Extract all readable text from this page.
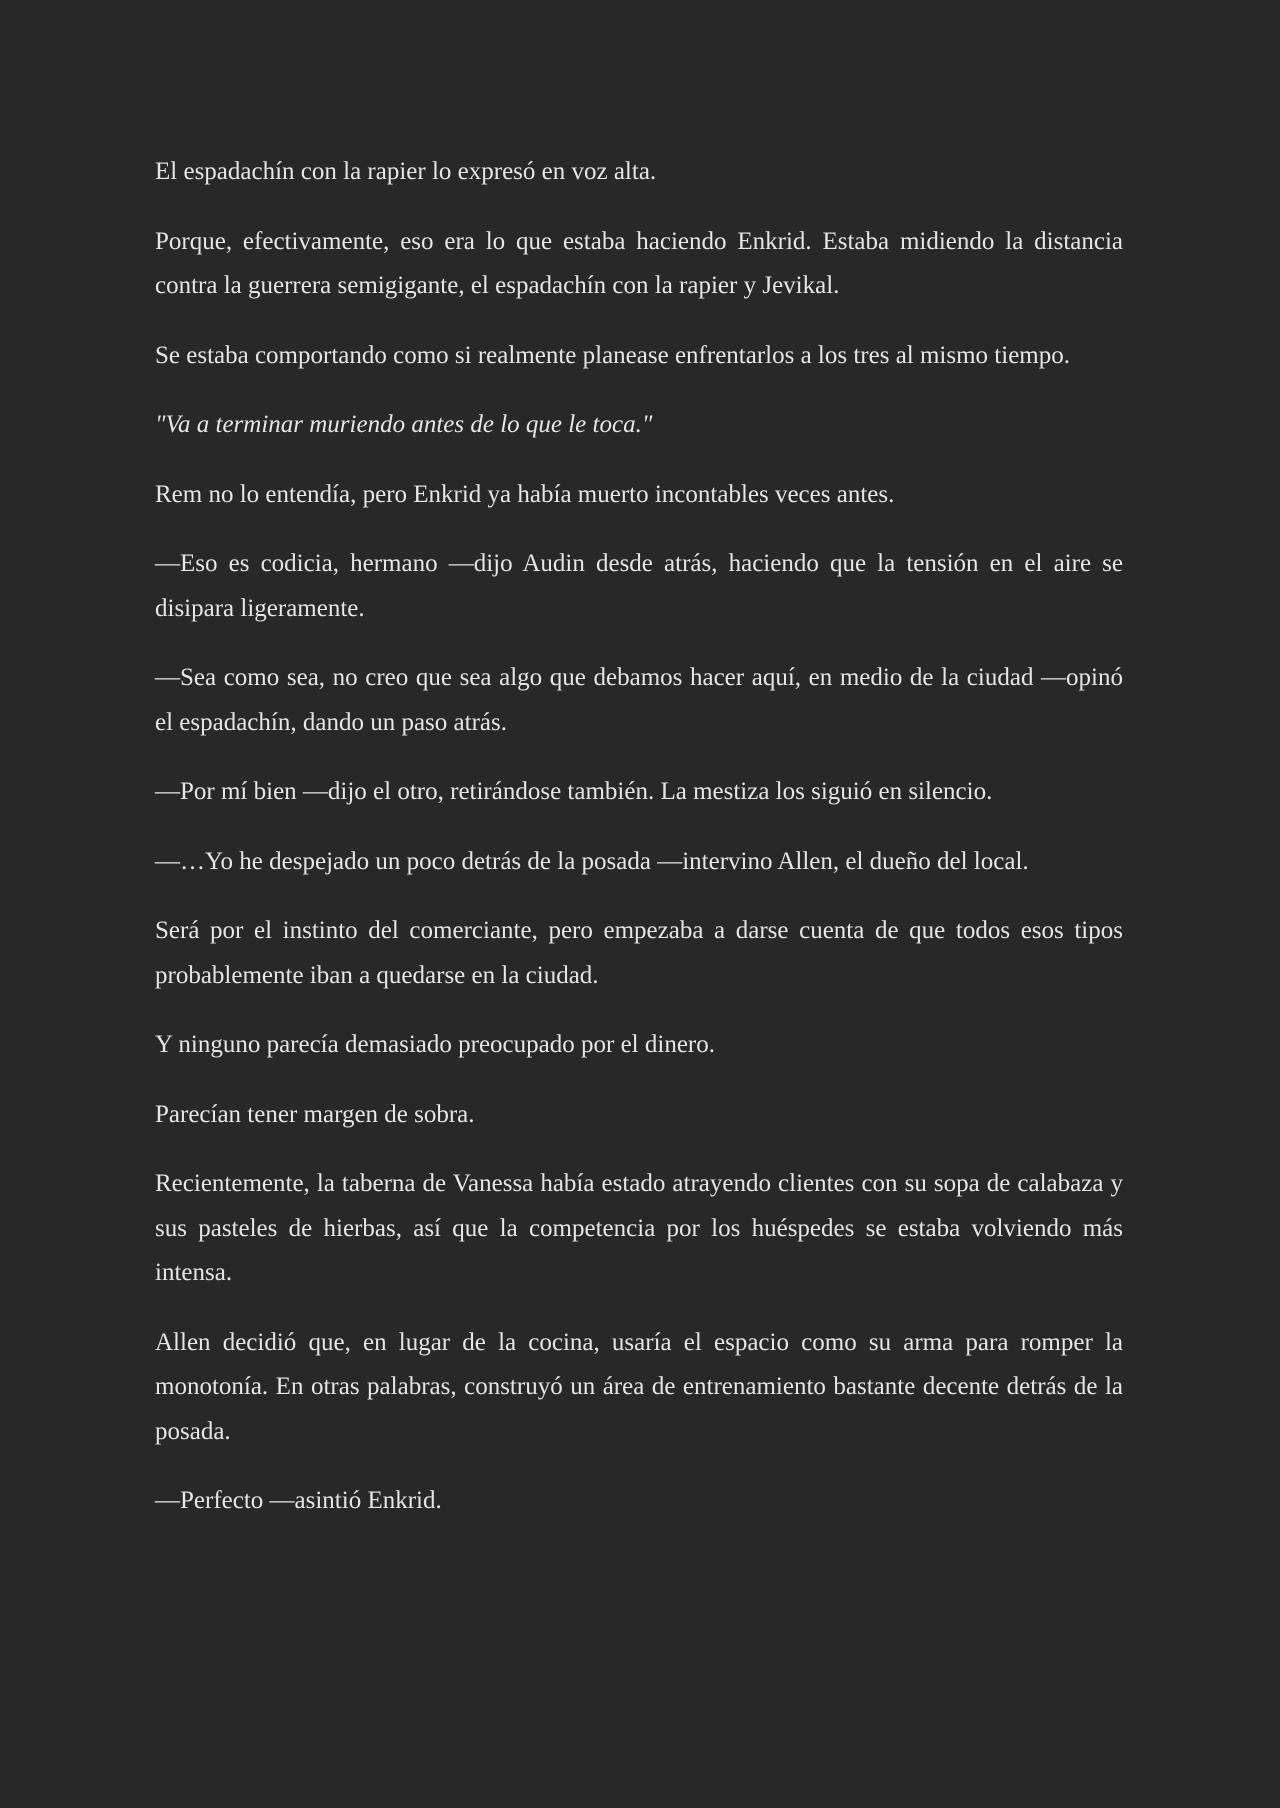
El espadachín con la rapier lo expresó en voz alta.

Porque, efectivamente, eso era lo que estaba haciendo Enkrid. Estaba midiendo la distancia contra la guerrera semigigante, el espadachín con la rapier y Jevikal.

Se estaba comportando como si realmente planease enfrentarlos a los tres al mismo tiempo.

"Va a terminar muriendo antes de lo que le toca."

Rem no lo entendía, pero Enkrid ya había muerto incontables veces antes.

—Eso es codicia, hermano —dijo Audin desde atrás, haciendo que la tensión en el aire se disipara ligeramente.

—Sea como sea, no creo que sea algo que debamos hacer aquí, en medio de la ciudad —opinó el espadachín, dando un paso atrás.

—Por mí bien —dijo el otro, retirándose también. La mestiza los siguió en silencio.

—…Yo he despejado un poco detrás de la posada —intervino Allen, el dueño del local.

Será por el instinto del comerciante, pero empezaba a darse cuenta de que todos esos tipos probablemente iban a quedarse en la ciudad.

Y ninguno parecía demasiado preocupado por el dinero.

Parecían tener margen de sobra.

Recientemente, la taberna de Vanessa había estado atrayendo clientes con su sopa de calabaza y sus pasteles de hierbas, así que la competencia por los huéspedes se estaba volviendo más intensa.

Allen decidió que, en lugar de la cocina, usaría el espacio como su arma para romper la monotonía. En otras palabras, construyó un área de entrenamiento bastante decente detrás de la posada.

—Perfecto —asintió Enkrid.
